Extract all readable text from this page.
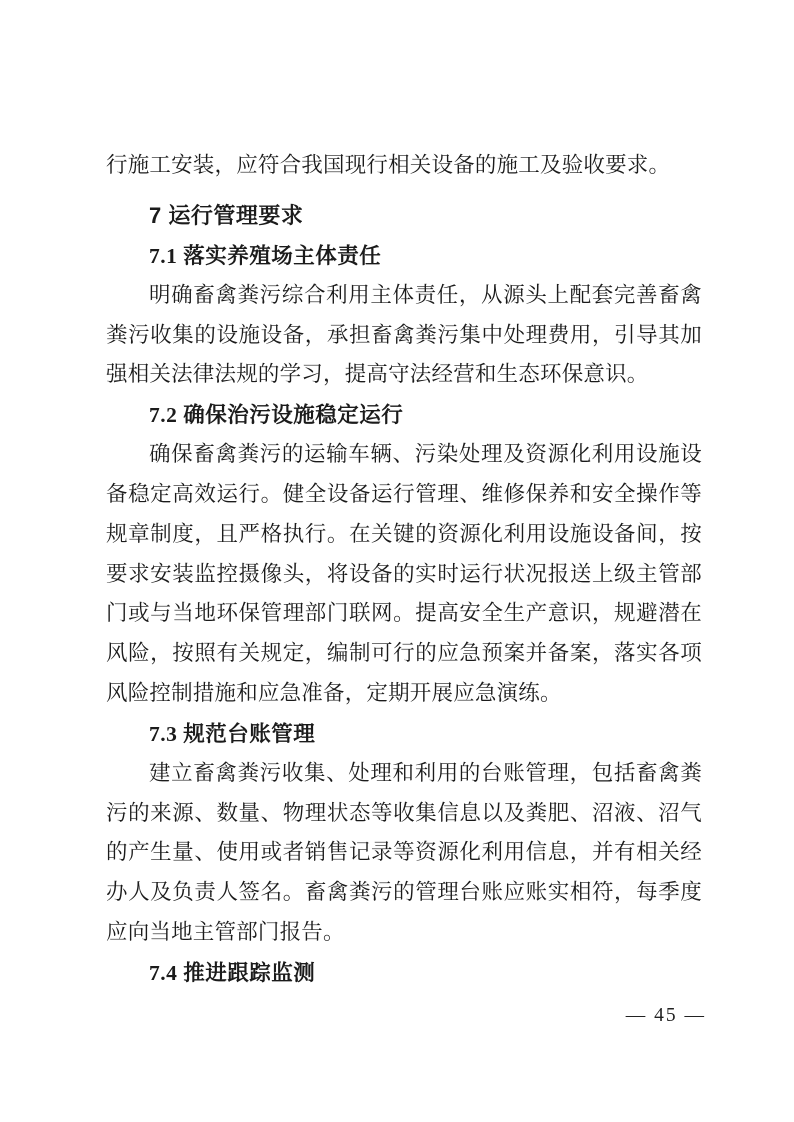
行施工安装，应符合我国现行相关设备的施工及验收要求。

7 运行管理要求
7.1 落实养殖场主体责任

明确畜禽粪污综合利用主体责任，从源头上配套完善畜禽粪污收集的设施设备，承担畜禽粪污集中处理费用，引导其加强相关法律法规的学习，提高守法经营和生态环保意识。

7.2 确保治污设施稳定运行

确保畜禽粪污的运输车辆、污染处理及资源化利用设施设备稳定高效运行。健全设备运行管理、维修保养和安全操作等规章制度，且严格执行。在关键的资源化利用设施设备间，按要求安装监控摄像头，将设备的实时运行状况报送上级主管部门或与当地环保管理部门联网。提高安全生产意识，规避潜在风险，按照有关规定，编制可行的应急预案并备案，落实各项风险控制措施和应急准备，定期开展应急演练。

7.3 规范台账管理

建立畜禽粪污收集、处理和利用的台账管理，包括畜禽粪污的来源、数量、物理状态等收集信息以及粪肥、沼液、沼气的产生量、使用或者销售记录等资源化利用信息，并有相关经办人及负责人签名。畜禽粪污的管理台账应账实相符，每季度应向当地主管部门报告。

7.4 推进跟踪监测
— 45 —
